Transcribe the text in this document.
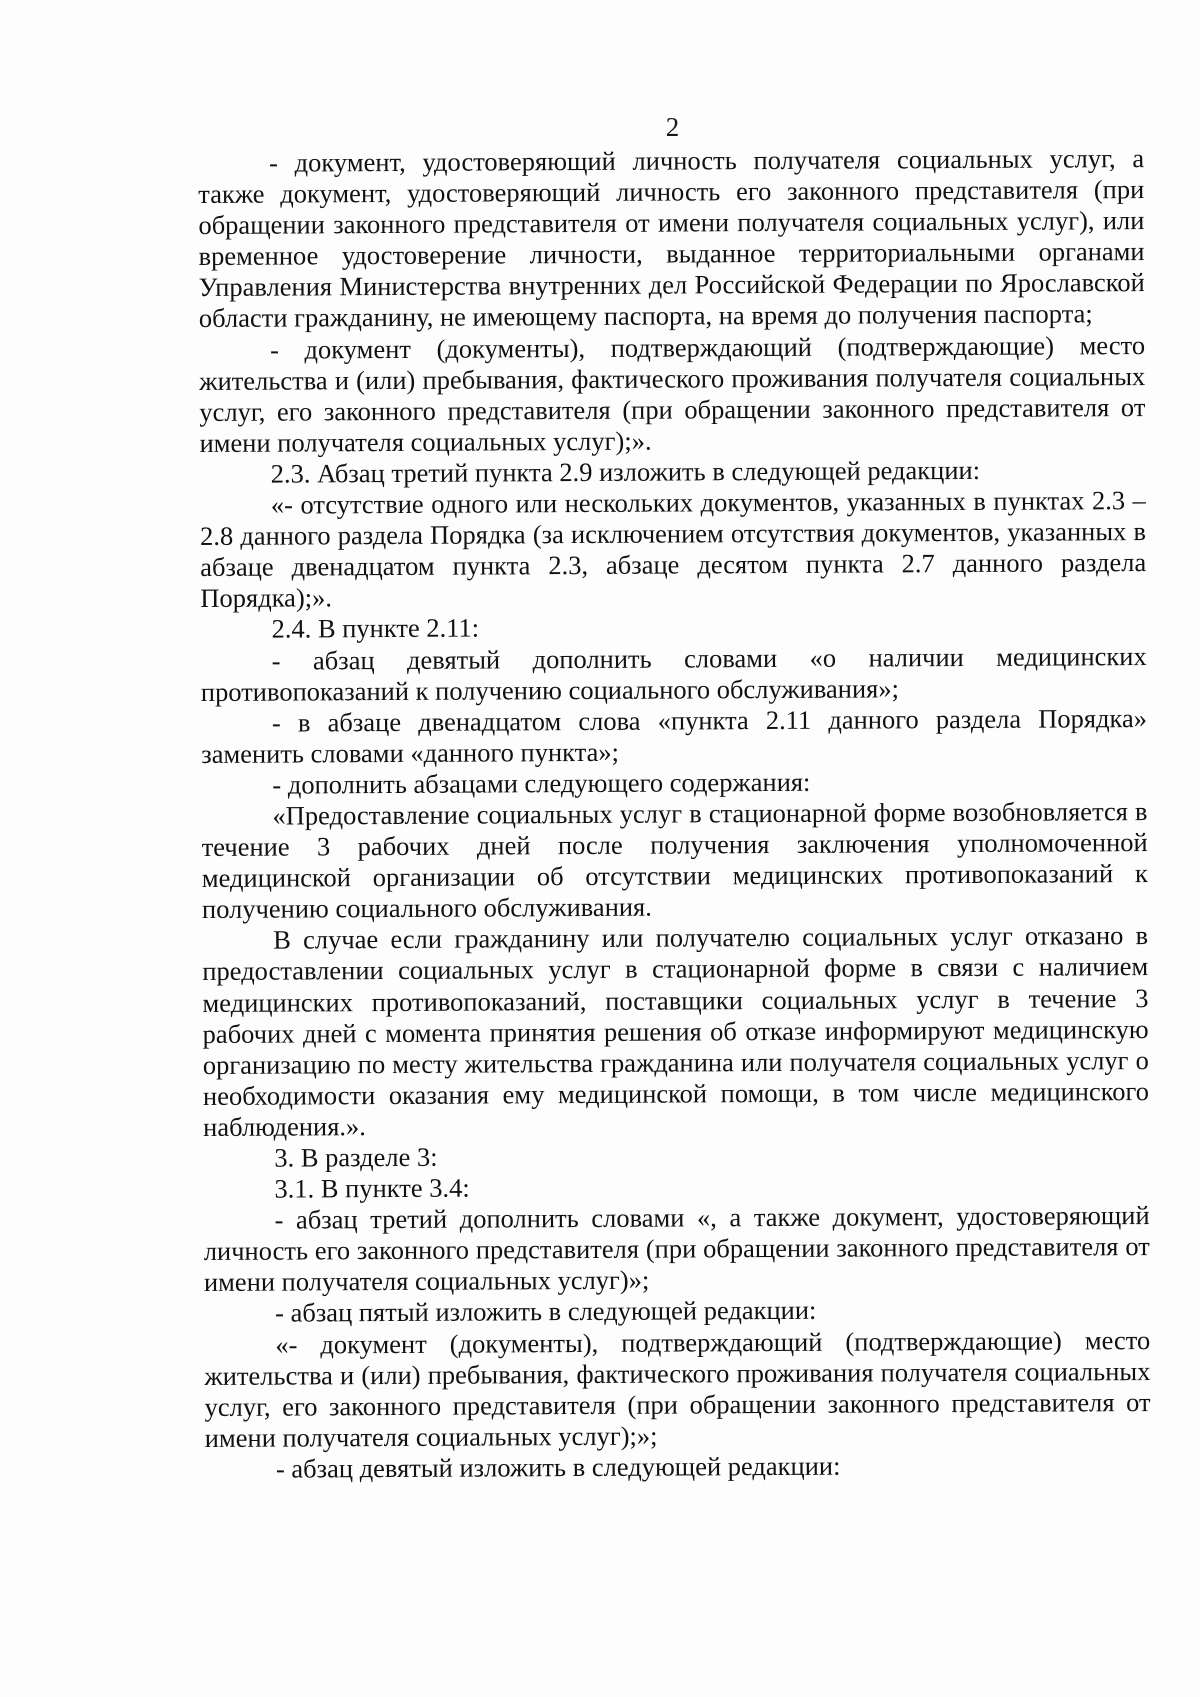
2

- документ, удостоверяющий личность получателя социальных услуг, а также документ, удостоверяющий личность его законного представителя (при обращении законного представителя от имени получателя социальных услуг), или временное удостоверение личности, выданное территориальными органами Управления Министерства внутренних дел Российской Федерации по Ярославской области гражданину, не имеющему паспорта, на время до получения паспорта;

- документ (документы), подтверждающий (подтверждающие) место жительства и (или) пребывания, фактического проживания получателя социальных услуг, его законного представителя (при обращении законного представителя от имени получателя социальных услуг);».

2.3. Абзац третий пункта 2.9 изложить в следующей редакции:

«- отсутствие одного или нескольких документов, указанных в пунктах 2.3 – 2.8 данного раздела Порядка (за исключением отсутствия документов, указанных в абзаце двенадцатом пункта 2.3, абзаце десятом пункта 2.7 данного раздела Порядка);».

2.4. В пункте 2.11:

- абзац девятый дополнить словами «о наличии медицинских противопоказаний к получению социального обслуживания»;

- в абзаце двенадцатом слова «пункта 2.11 данного раздела Порядка» заменить словами «данного пункта»;

- дополнить абзацами следующего содержания:

«Предоставление социальных услуг в стационарной форме возобновляется в течение 3 рабочих дней после получения заключения уполномоченной медицинской организации об отсутствии медицинских противопоказаний к получению социального обслуживания.

В случае если гражданину или получателю социальных услуг отказано в предоставлении социальных услуг в стационарной форме в связи с наличием медицинских противопоказаний, поставщики социальных услуг в течение 3 рабочих дней с момента принятия решения об отказе информируют медицинскую организацию по месту жительства гражданина или получателя социальных услуг о необходимости оказания ему медицинской помощи, в том числе медицинского наблюдения.».

3. В разделе 3:

3.1. В пункте 3.4:

- абзац третий дополнить словами «, а также документ, удостоверяющий личность его законного представителя (при обращении законного представителя от имени получателя социальных услуг)»;

- абзац пятый изложить в следующей редакции:

«- документ (документы), подтверждающий (подтверждающие) место жительства и (или) пребывания, фактического проживания получателя социальных услуг, его законного представителя (при обращении законного представителя от имени получателя социальных услуг);»;

- абзац девятый изложить в следующей редакции:
